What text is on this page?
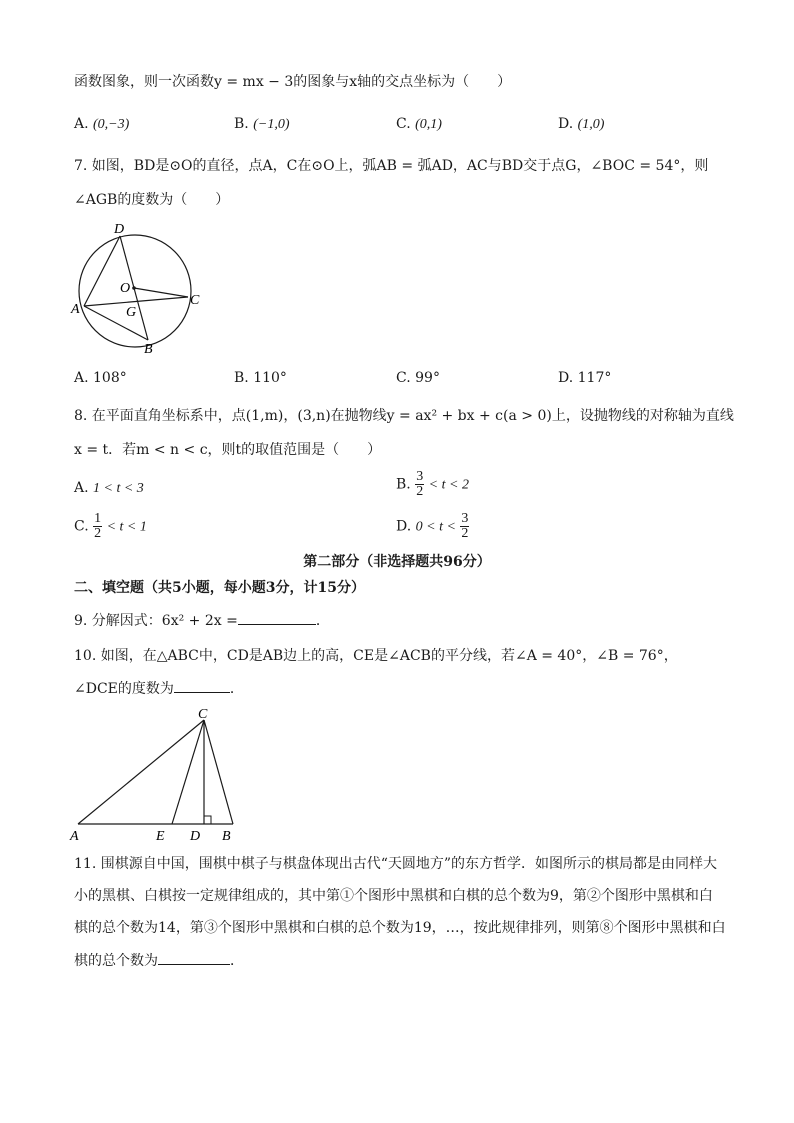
函数图象，则一次函数y = mx − 3的图象与x轴的交点坐标为（　　）
A. (0,−3)	B. (−1,0)	C. (0,1)	D. (1,0)
7. 如图，BD是⊙O的直径，点A，C在⊙O上，弧AB = 弧AD，AC与BD交于点G，∠BOC = 54°，则
∠AGB的度数为（　　）
D
O
C
A	G
B
A. 108°	B. 110°	C. 99°	D. 117°
8. 在平面直角坐标系中，点(1,m)，(3,n)在抛物线y = ax² + bx + c(a > 0)上，设抛物线的对称轴为直线
x = t．若m < n < c，则t的取值范围是（　　）
A. 1 < t < 3	B. $\frac{3}{2} < t < 2$
C. $\frac{1}{2} < t < 1$	D. $0 < t < \frac{3}{2}$
第二部分（非选择题共96分）
二、填空题（共5小题，每小题3分，计15分）
9. 分解因式：6x² + 2x =	．
10. 如图，在△ABC中，CD是AB边上的高，CE是∠ACB的平分线，若∠A = 40°，∠B = 76°，
∠DCE的度数为	．
C
A	E D B
11. 围棋源自中国，围棋中棋子与棋盘体现出古代“天圆地方”的东方哲学．如图所示的棋局都是由同样大
小的黑棋、白棋按一定规律组成的，其中第①个图形中黑棋和白棋的总个数为9，第②个图形中黑棋和白
棋的总个数为14，第③个图形中黑棋和白棋的总个数为19，…，按此规律排列，则第⑧个图形中黑棋和白
棋的总个数为	．
